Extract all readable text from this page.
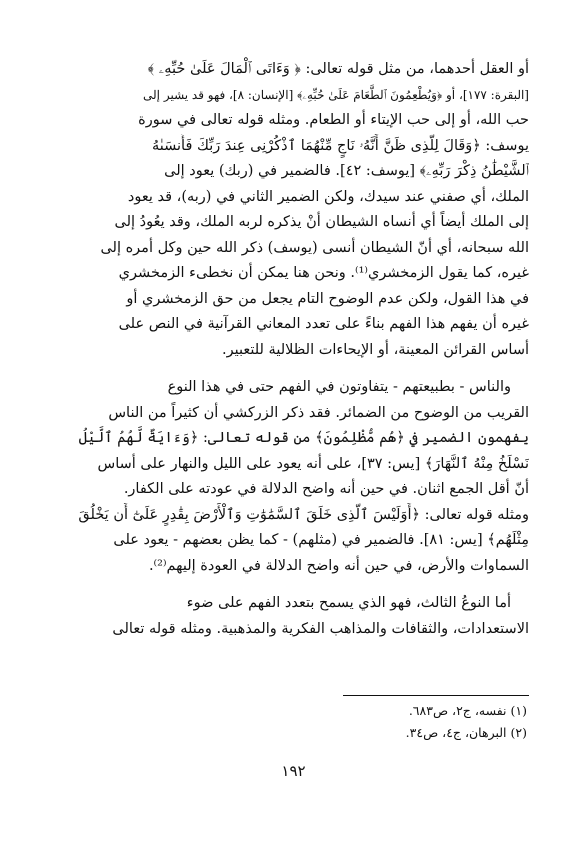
أو العقل أحدهما، من مثل قوله تعالى: ﴿ وَءَاتَى ٱلْمَالَ عَلَىٰ حُبِّهِۦ ﴾
[البقرة: ١٧٧]، أو ﴿وَيُطْعِمُونَ ٱلطَّعَامَ عَلَىٰ حُبِّهِۦ﴾ [الإنسان: ٨]، فهو قد يشير إلى
حب الله، أو إلى حب الإيتاء أو الطعام. ومثله قوله تعالى في سورة
يوسف: ﴿وَقَالَ لِلَّذِى ظَنَّ أَنَّهُۥ نَاجٍ مِّنْهُمَا ٱذْكُرْنِى عِندَ رَبِّكَ فَأَنسَىٰهُ
ٱلشَّيْطَٰنُ ذِكْرَ رَبِّهِۦ﴾ [يوسف: ٤٢]. فالضمير في (ربك) يعود إلى
الملك، أي صفني عند سيدك، ولكن الضمير الثاني في (ربه)، قد يعود
إلى الملك أيضاً أي أنساه الشيطان أنْ يذكره لربه الملك، وقد يعُودُ إلى
الله سبحانه، أي أنّ الشيطان أنسى (يوسف) ذكر الله حين وكل أمره إلى
غيره، كما يقول الزمخشري⁽¹⁾. ونحن هنا يمكن أن نخطىء الزمخشري
في هذا القول، ولكن عدم الوضوح التام يجعل من حق الزمخشري أو
غيره أن يفهم هذا الفهم بناءً على تعدد المعاني القرآنية في النص على
أساس القرائن المعينة، أو الإيحاءات الظلالية للتعبير.
والناس - بطبيعتهم - يتفاوتون في الفهم حتى في هذا النوع
القريب من الوضوح من الضمائر. فقد ذكر الزركشي أن كثيراً من الناس
يفهمون الضمير في ﴿هُم مُّظْلِمُونَ﴾ من قوله تعالى: ﴿وَءَايَةٌ لَّهُمُ ٱلَّيْلُ
نَسْلَخُ مِنْهُ ٱلنَّهَارَ﴾ [يس: ٣٧]، على أنه يعود على الليل والنهار على أساس
أنّ أقل الجمع اثنان. في حين أنه واضح الدلالة في عودته على الكفار.
ومثله قوله تعالى: ﴿أَوَلَيْسَ ٱلَّذِى خَلَقَ ٱلسَّمَٰوَٰتِ وَٱلْأَرْضَ بِقَٰدِرٍ عَلَىٰٓ أَن يَخْلُقَ
مِثْلَهُم﴾ [يس: ٨١]. فالضمير في (مثلهم) - كما يظن بعضهم - يعود على
السماوات والأرض، في حين أنه واضح الدلالة في العودة إليهم⁽²⁾.
أما النوعُ الثالث، فهو الذي يسمح بتعدد الفهم على ضوء
الاستعدادات، والثقافات والمذاهب الفكرية والمذهبية. ومثله قوله تعالى
(١) نفسه، ج٢، ص٦٨٣.
(٢) البرهان، ج٤، ص٣٤.
١٩٢
